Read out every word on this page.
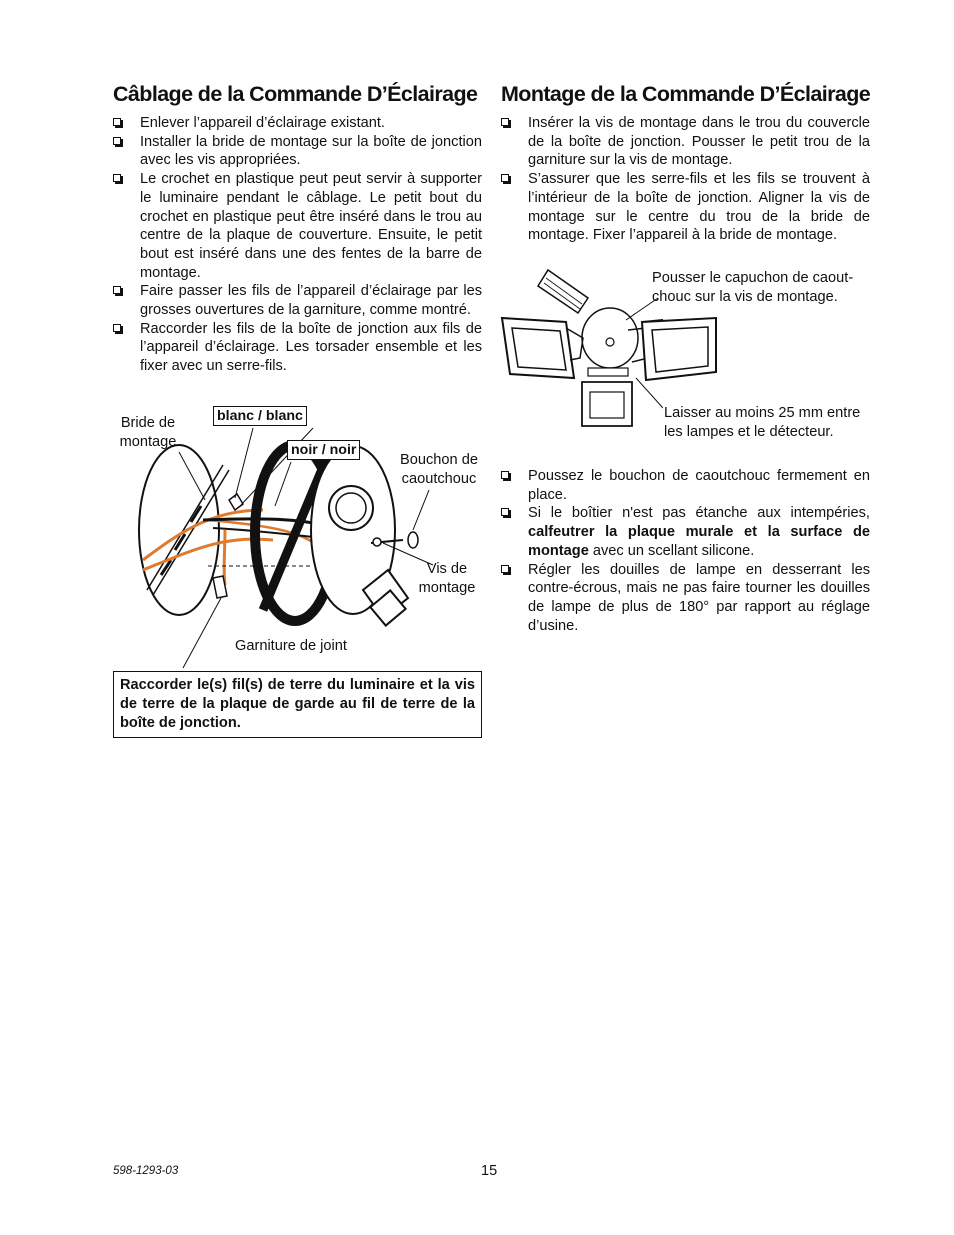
Câblage de la Commande D’Éclairage
Enlever l’appareil d’éclairage existant.
Installer la bride de montage sur la boîte de jonction avec les vis appropriées.
Le crochet en plastique peut peut servir à supporter le luminaire pendant le câblage. Le petit bout du crochet en plastique peut être inséré dans le trou au centre de la plaque de couverture. Ensuite, le petit bout est inséré dans une des fentes de la barre de montage.
Faire passer les fils de l’appareil d’éclairage par les grosses ouvertures de la garniture, comme montré.
Raccorder les fils de la boîte de jonction aux fils de l’appareil d’éclairage. Les torsader ensemble et les fixer avec un serre-fils.
Bride de montage
blanc / blanc
noir / noir
Bouchon de caoutchouc
Vis de montage
Garniture de joint
Raccorder le(s) fil(s) de terre du luminaire et la vis de terre de la plaque de garde au fil de terre de la boîte de jonction.
Montage de la Commande D’Éclairage
Insérer la vis de montage dans le trou du couvercle de la boîte de jonction. Pousser le petit trou de la garniture sur la vis de montage.
S’assurer que les serre-fils et les fils se trouvent à l’intérieur de la boîte de jonction. Aligner la vis de montage sur le centre du trou de la bride de montage. Fixer l’appareil à la bride de montage.
Pousser le capuchon de caout-chouc sur la vis de montage.
Laisser au moins 25 mm entre les lampes et le détecteur.
Poussez le bouchon de caoutchouc fermement en place.
Si le boîtier n'est pas étanche aux intempéries, calfeutrer la plaque murale et la surface de montage avec un scellant silicone.
Régler les douilles de lampe en desserrant les contre-écrous, mais ne pas faire tourner les douilles de lampe de plus de 180° par rapport au réglage d’usine.
598-1293-03	15
